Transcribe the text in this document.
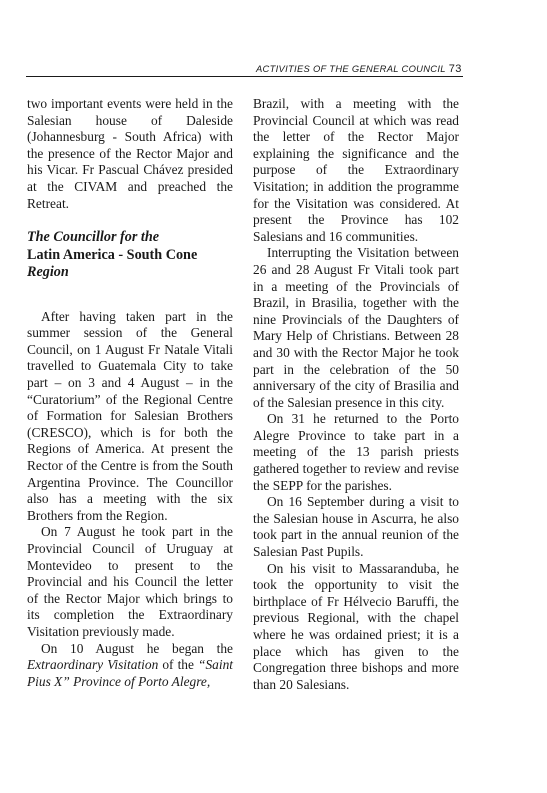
ACTIVITIES OF THE GENERAL COUNCIL 73

two important events were held in the Salesian house of Daleside (Johannesburg - South Africa) with the presence of the Rector Major and his Vicar. Fr Pascual Chávez presided at the CIVAM and preached the Retreat.

The Councillor for the
Latin America - South Cone
Region

After having taken part in the summer session of the General Council, on 1 August Fr Natale Vitali travelled to Guatemala City to take part – on 3 and 4 August – in the “Curatorium” of the Regional Centre of Formation for Salesian Brothers (CRESCO), which is for both the Regions of America. At present the Rector of the Centre is from the South Argentina Province. The Councillor also has a meeting with the six Brothers from the Region.

On 7 August he took part in the Provincial Council of Uruguay at Montevideo to present to the Provincial and his Council the letter of the Rector Major which brings to its completion the Extraordinary Visitation previously made.

On 10 August he began the Extraordinary Visitation of the “Saint Pius X” Province of Porto Alegre,

Brazil, with a meeting with the Provincial Council at which was read the letter of the Rector Major explaining the significance and the purpose of the Extraordinary Visitation; in addition the programme for the Visitation was considered. At present the Province has 102 Salesians and 16 communities.

Interrupting the Visitation between 26 and 28 August Fr Vitali took part in a meeting of the Provincials of Brazil, in Brasilia, together with the nine Provincials of the Daughters of Mary Help of Christians. Between 28 and 30 with the Rector Major he took part in the celebration of the 50 anniversary of the city of Brasilia and of the Salesian presence in this city.

On 31 he returned to the Porto Alegre Province to take part in a meeting of the 13 parish priests gathered together to review and revise the SEPP for the parishes.

On 16 September during a visit to the Salesian house in Ascurra, he also took part in the annual reunion of the Salesian Past Pupils.

On his visit to Massaranduba, he took the opportunity to visit the birthplace of Fr Hélvecio Baruffi, the previous Regional, with the chapel where he was ordained priest; it is a place which has given to the Congregation three bishops and more than 20 Salesians.
